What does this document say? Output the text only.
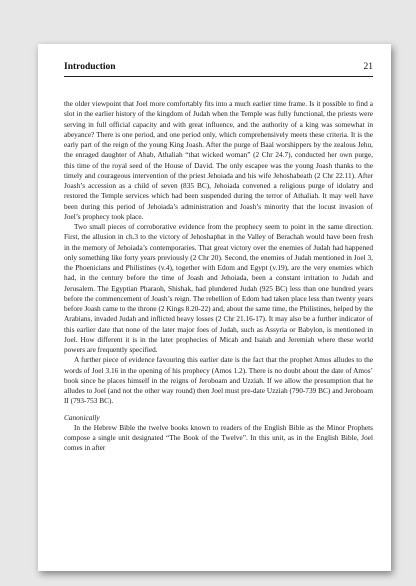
Introduction	21

the older viewpoint that Joel more comfortably fits into a much earlier time frame. Is it possible to find a slot in the earlier history of the kingdom of Judah when the Temple was fully functional, the priests were serving in full official capacity and with great influence, and the authority of a king was somewhat in abeyance? There is one period, and one period only, which comprehensively meets these criteria. It is the early part of the reign of the young King Joash. After the purge of Baal worshippers by the zealous Jehu, the enraged daughter of Ahab, Athaliah “that wicked woman” (2 Chr 24.7), conducted her own purge, this time of the royal seed of the House of David. The only escapee was the young Joash thanks to the timely and courageous intervention of the priest Jehoiada and his wife Jehoshabeath (2 Chr 22.11). After Joash’s accession as a child of seven (835 BC), Jehoiada convened a religious purge of idolatry and restored the Temple services which had been suspended during the terror of Athaliah. It may well have been during this period of Jehoiada’s administration and Joash’s minority that the locust invasion of Joel’s prophecy took place.

Two small pieces of corroborative evidence from the prophecy seem to point in the same direction. First, the allusion in ch.3 to the victory of Jehoshaphat in the Valley of Berachah would have been fresh in the memory of Jehoiada’s contemporaries. That great victory over the enemies of Judah had happened only something like forty years previously (2 Chr 20). Second, the enemies of Judah mentioned in Joel 3, the Phoenicians and Philistines (v.4), together with Edom and Egypt (v.19), are the very enemies which had, in the century before the time of Joash and Jehoiada, been a constant irritation to Judah and Jerusalem. The Egyptian Pharaoh, Shishak, had plundered Judah (925 BC) less than one hundred years before the commencement of Joash’s reign. The rebellion of Edom had taken place less than twenty years before Joash came to the throne (2 Kings 8.20-22) and, about the same time, the Philistines, helped by the Arabians, invaded Judah and inflicted heavy losses (2 Chr 21.16-17). It may also be a further indicator of this earlier date that none of the later major foes of Judah, such as Assyria or Babylon, is mentioned in Joel. How different it is in the later prophecies of Micah and Isaiah and Jeremiah where these world powers are frequently specified.

A further piece of evidence favouring this earlier date is the fact that the prophet Amos alludes to the words of Joel 3.16 in the opening of his prophecy (Amos 1.2). There is no doubt about the date of Amos’ book since he places himself in the reigns of Jeroboam and Uzziah. If we allow the presumption that he alludes to Joel (and not the other way round) then Joel must pre-date Uzziah (790-739 BC) and Jeroboam II (793-753 BC).

Canonically

In the Hebrew Bible the twelve books known to readers of the English Bible as the Minor Prophets compose a single unit designated “The Book of the Twelve”. In this unit, as in the English Bible, Joel comes in after
